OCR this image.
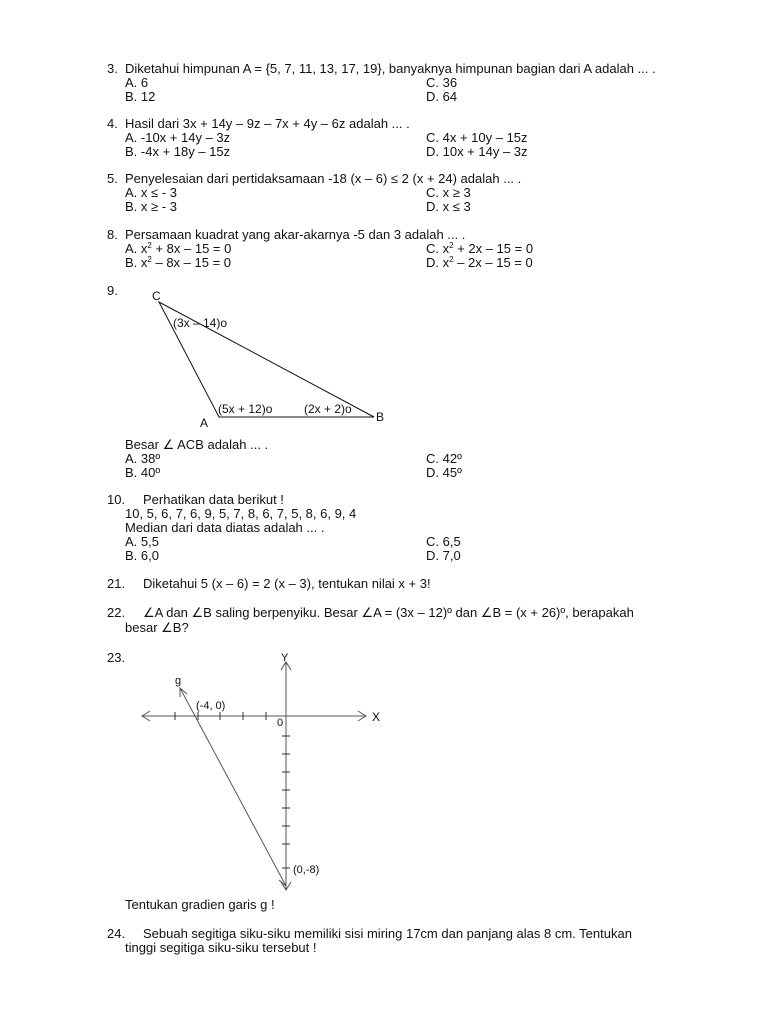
3. Diketahui himpunan A = {5, 7, 11, 13, 17, 19}, banyaknya himpunan bagian dari A adalah ... .
A. 6	C. 36
B. 12	D. 64
4. Hasil dari 3x + 14y – 9z – 7x + 4y – 6z adalah ... .
A. -10x + 14y – 3z	C. 4x + 10y – 15z
B. -4x + 18y – 15z	D. 10x + 14y – 3z
5. Penyelesaian dari pertidaksamaan -18 (x – 6) ≤ 2 (x + 24) adalah ... .
A. x ≤ - 3	C. x ≥ 3
B. x ≥ - 3	D. x ≤ 3
8. Persamaan kuadrat yang akar-akarnya -5 dan 3 adalah ... .
A. $x^2 + 8x - 15 = 0$	C. $x^2 + 2x - 15 = 0$
B. $x^2 - 8x - 15 = 0$	D. $x^2 - 2x - 15 = 0$
9.	C
A	B
(3x – 14)o
(5x + 12)o	(2x + 2)o
Besar ∠ ACB adalah ... .
A. 38º	C. 42º
B. 40º	D. 45º
10. Perhatikan data berikut !
10, 5, 6, 7, 6, 9, 5, 7, 8, 6, 7, 5, 8, 6, 9, 4
Median dari data diatas adalah ... .
A. 5,5	C. 6,5
B. 6,0	D. 7,0
21. Diketahui 5 (x – 6) = 2 (x – 3), tentukan nilai x + 3!
22. ∠A dan ∠B saling berpenyiku. Besar ∠A = (3x – 12)º dan ∠B = (x + 26)º, berapakah
besar ∠B?
23.	Y
X
0
g
(-4, 0)
(0,-8)
Tentukan gradien garis g !
24. Sebuah segitiga siku-siku memiliki sisi miring 17cm dan panjang alas 8 cm. Tentukan
tinggi segitiga siku-siku tersebut !
